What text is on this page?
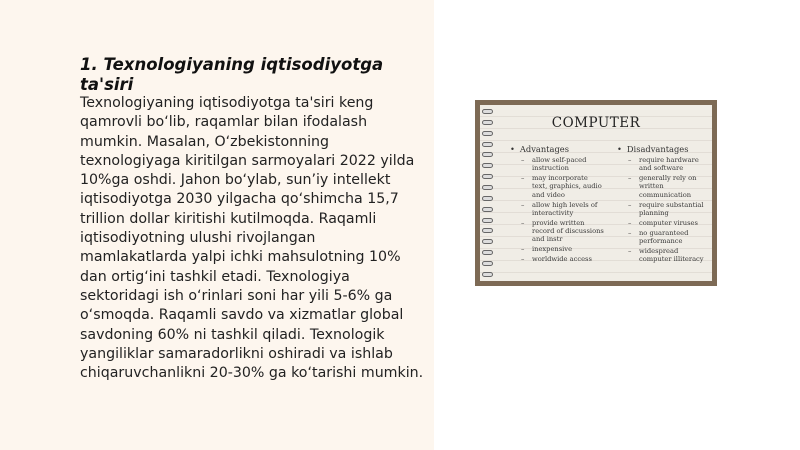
1. Texnologiyaning iqtisodiyotga ta'siri
Texnologiyaning iqtisodiyotga ta'siri keng qamrovli bo‘lib, raqamlar bilan ifodalash mumkin. Masalan, O‘zbekistonning texnologiyaga kiritilgan sarmoyalari 2022 yilda 10%ga oshdi. Jahon bo‘ylab, sun’iy intellekt iqtisodiyotga 2030 yilgacha qo‘shimcha 15,7 trillion dollar kiritishi kutilmoqda. Raqamli iqtisodiyotning ulushi rivojlangan mamlakatlarda yalpi ichki mahsulotning 10% dan ortig‘ini tashkil etadi. Texnologiya sektoridagi ish o‘rinlari soni har yili 5-6% ga o‘smoqda. Raqamli savdo va xizmatlar global savdoning 60% ni tashkil qiladi. Texnologik yangiliklar samaradorlikni oshiradi va ishlab chiqaruvchanlikni 20-30% ga ko‘tarishi mumkin.
COMPUTER
• Advantages
– allow self-paced instruction
– may incorporate text, graphics, audio and video
– allow high levels of interactivity
– provide written record of discussions and instr
– inexpensive
– worldwide access
• Disadvantages
– require hardware and software
– generally rely on written communication
– require substantial planning
– computer viruses
– no guaranteed performance
– widespread computer illiteracy
